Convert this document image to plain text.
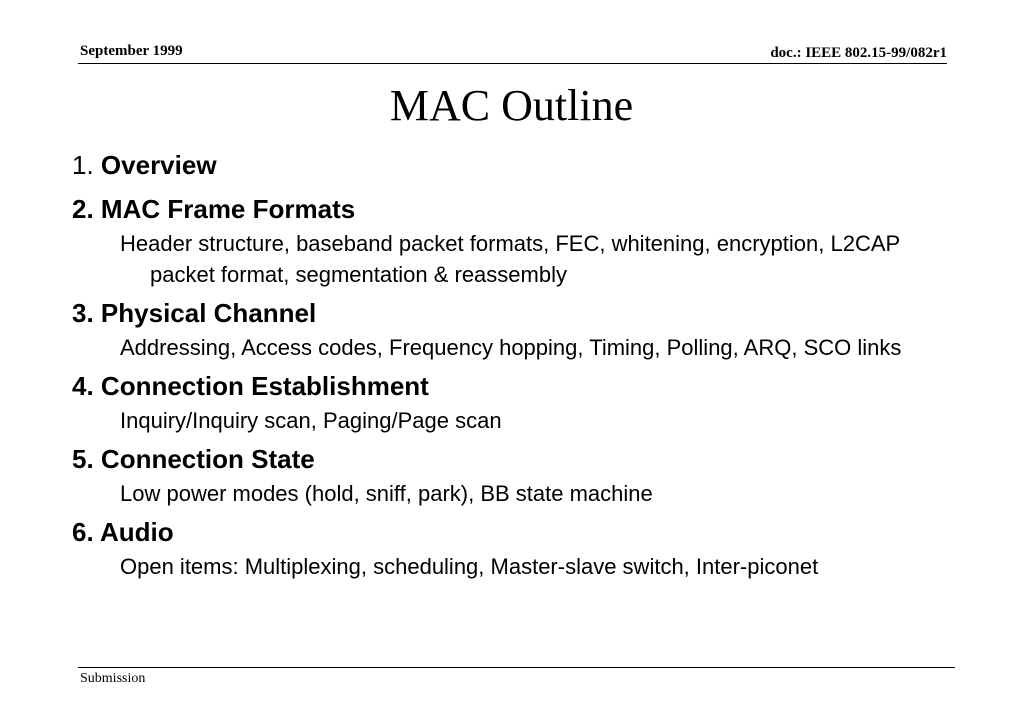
September 1999	doc.: IEEE 802.15-99/082r1
MAC Outline

1. Overview

2. MAC Frame Formats

Header structure, baseband packet formats, FEC, whitening, encryption, L2CAP packet format, segmentation & reassembly

3. Physical Channel

Addressing, Access codes, Frequency hopping, Timing, Polling, ARQ, SCO links

4. Connection Establishment

Inquiry/Inquiry scan, Paging/Page scan

5. Connection State

Low power modes (hold, sniff, park), BB state machine

6. Audio

Open items: Multiplexing, scheduling, Master-slave switch, Inter-piconet

Submission
